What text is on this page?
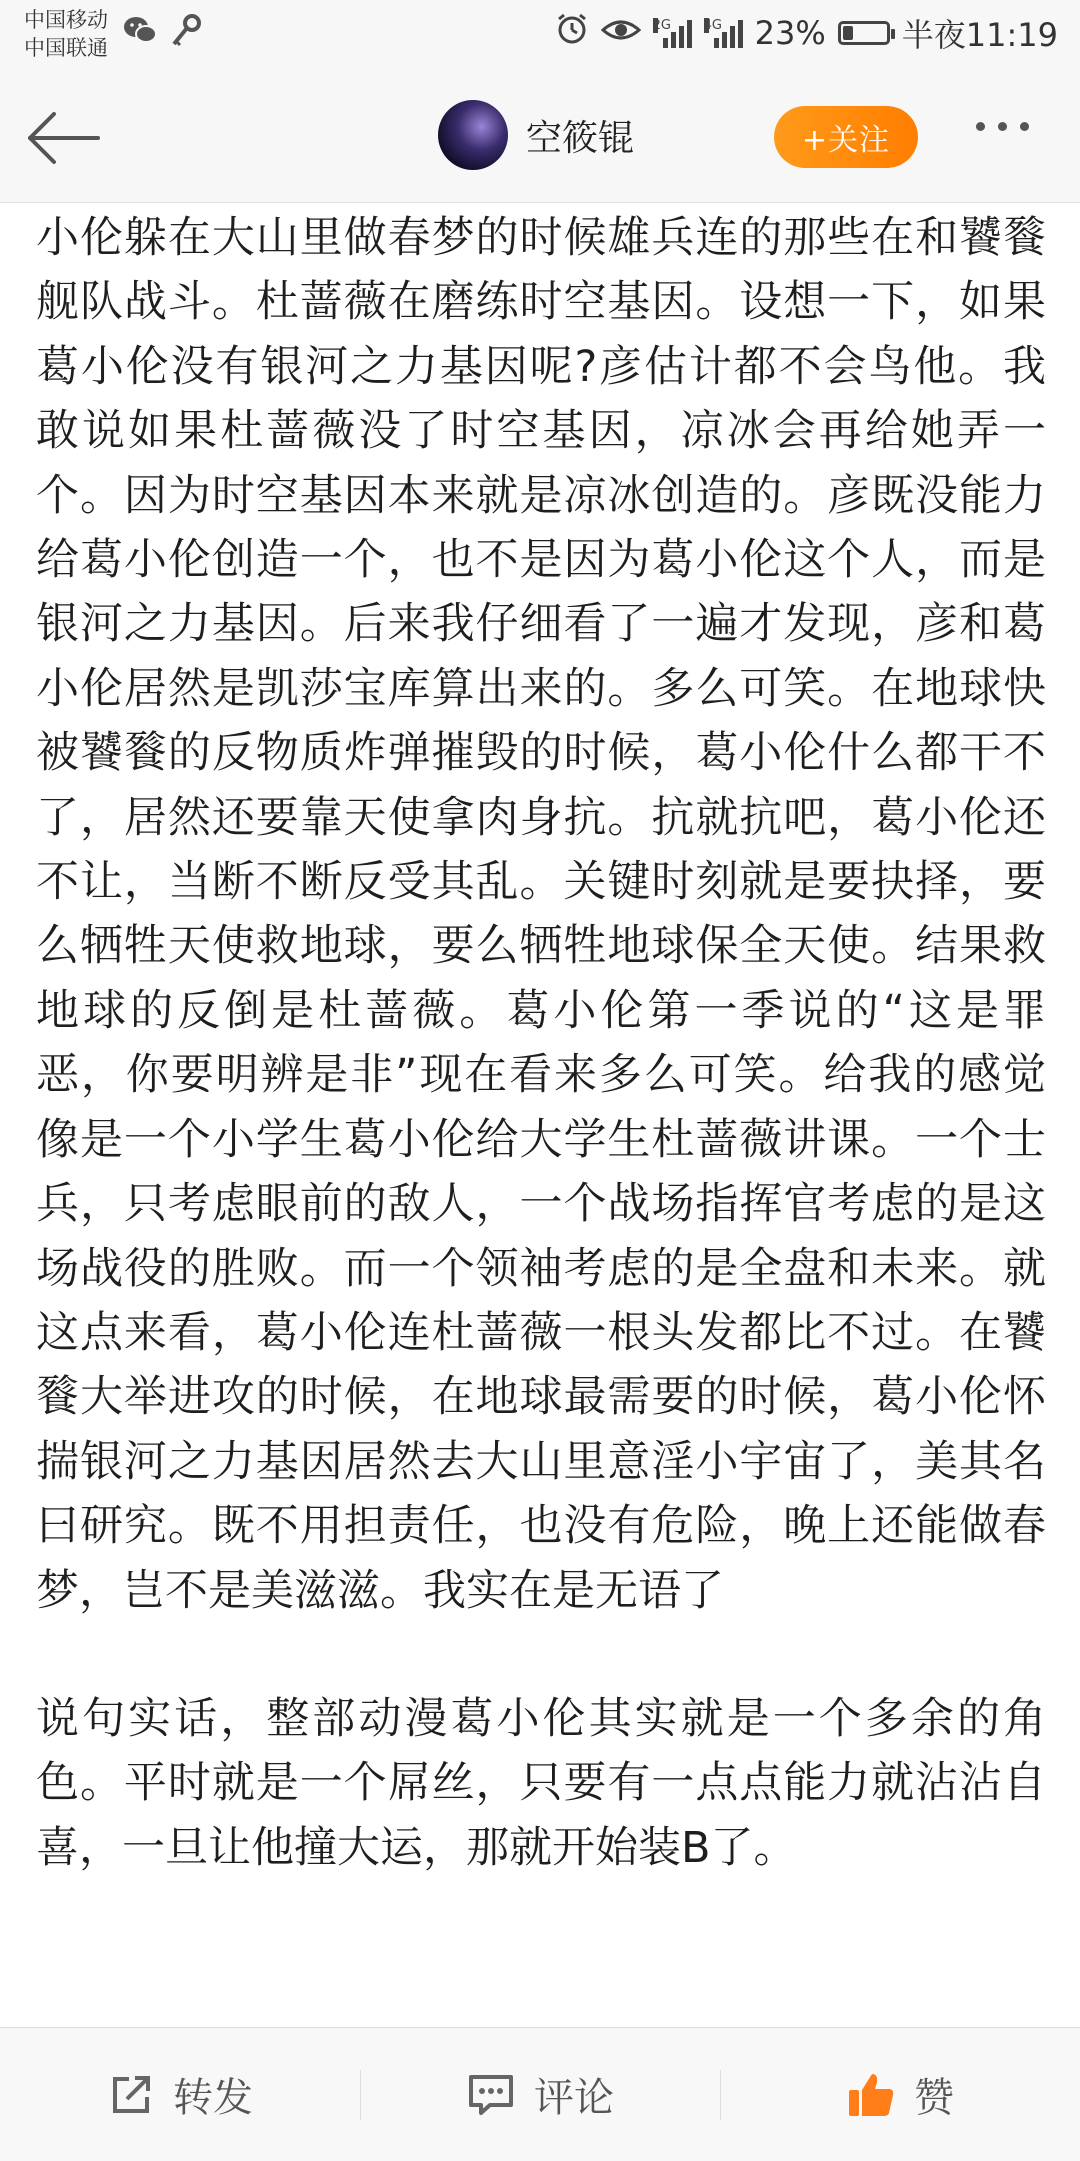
中国移动
中国联通
2G	4G 23% 半夜11:19
空筱锟	+关注

小伦躲在大山里做春梦的时候雄兵连的那些在和饕餮舰队战斗。杜蔷薇在磨练时空基因。设想一下，如果葛小伦没有银河之力基因呢?彦估计都不会鸟他。我敢说如果杜蔷薇没了时空基因，凉冰会再给她弄一个。因为时空基因本来就是凉冰创造的。彦既没能力给葛小伦创造一个，也不是因为葛小伦这个人，而是银河之力基因。后来我仔细看了一遍才发现，彦和葛小伦居然是凯莎宝库算出来的。多么可笑。在地球快被饕餮的反物质炸弹摧毁的时候，葛小伦什么都干不了，居然还要靠天使拿肉身抗。抗就抗吧，葛小伦还不让，当断不断反受其乱。关键时刻就是要抉择，要么牺牲天使救地球，要么牺牲地球保全天使。结果救地球的反倒是杜蔷薇。葛小伦第一季说的“这是罪恶，你要明辨是非”现在看来多么可笑。给我的感觉像是一个小学生葛小伦给大学生杜蔷薇讲课。一个士兵，只考虑眼前的敌人，一个战场指挥官考虑的是这场战役的胜败。而一个领袖考虑的是全盘和未来。就这点来看，葛小伦连杜蔷薇一根头发都比不过。在饕餮大举进攻的时候，在地球最需要的时候，葛小伦怀揣银河之力基因居然去大山里意淫小宇宙了，美其名曰研究。既不用担责任，也没有危险，晚上还能做春梦，岂不是美滋滋。我实在是无语了

说句实话，整部动漫葛小伦其实就是一个多余的角色。平时就是一个屌丝，只要有一点点能力就沾沾自喜，一旦让他撞大运，那就开始装B了。

转发	评论	赞
